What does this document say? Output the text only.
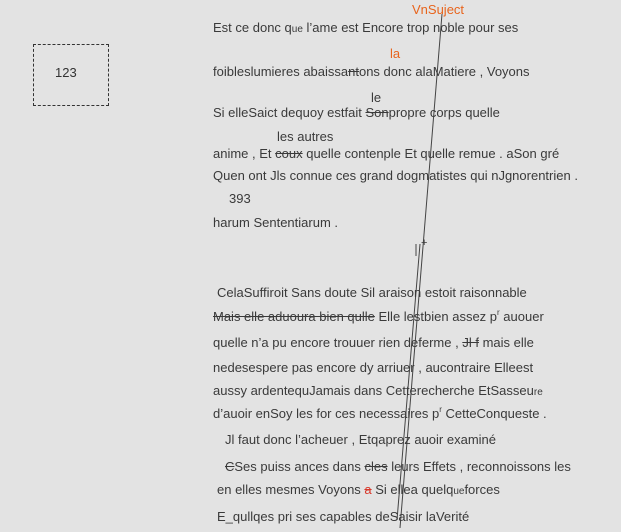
123
VnSuject
la
le
les autres
393
+
Est ce donc que l’ame est Encore trop noble pour ses
foibleslumieres abaissantons donc alaMatiere , Voyons
Si elleSaict dequoy estfait Sonpropre corps quelle
anime , Et coux quelle contenple Et quelle remue . aSon gré
Quen ont Jls connue ces grand dogmatistes qui nJgnorentrien .
harum Sententiarum .
CelaSuffiroit Sans doute Sil araison estoit raisonnable
Mais elle aduoura bien qulle Elle lestbien assez $p^r$ auouer
quelle n’a pu encore trouuer rien deferme , Jl f mais elle
nedesespere pas encore dy arriuer , aucontraire Elleest
aussy ardentequJamais dans Cetterecherche EtSasseure
d’auoir enSoy les for ces necessaires $p^r$ CetteConqueste .
Jl faut donc l’acheuer , Etqaprez auoir examiné
CSes puiss ances dans cles leurs Effets , reconnoissons les
en elles mesmes Voyons a Si ellea quelqueforces
E_qullqes pri ses capables deSaisir laVerité
